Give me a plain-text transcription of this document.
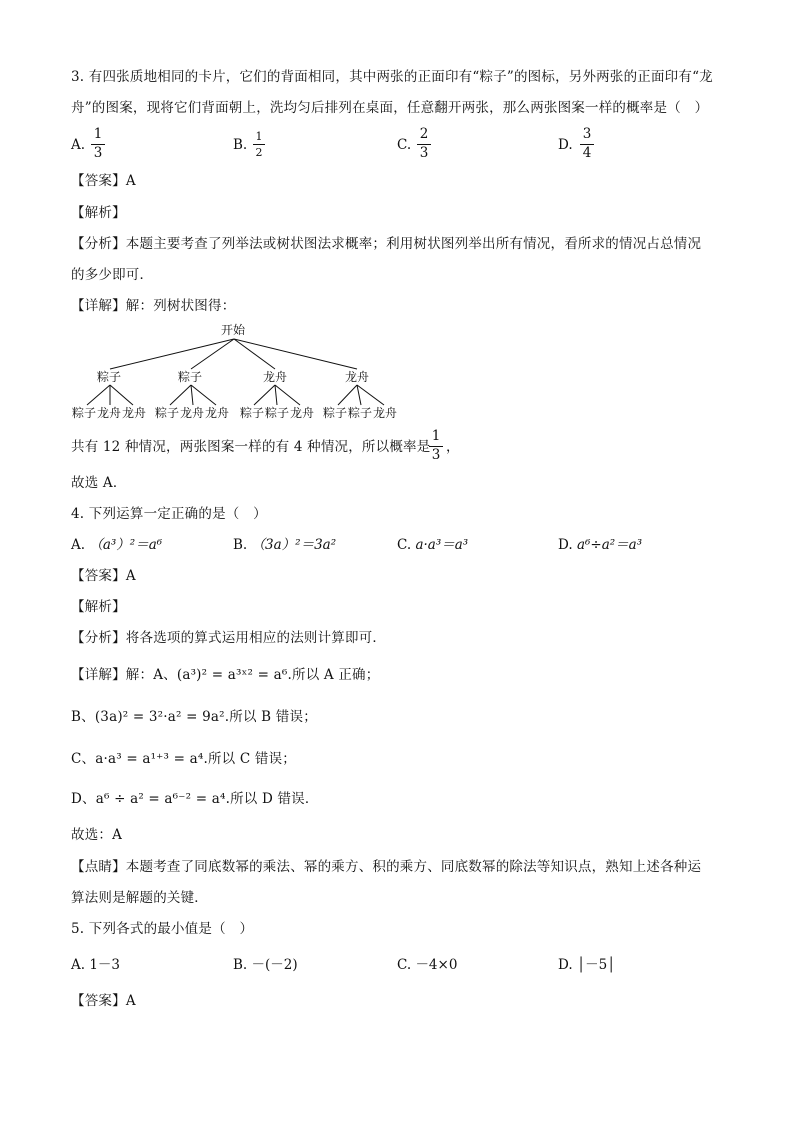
3. 有四张质地相同的卡片，它们的背面相同，其中两张的正面印有“粽子”的图标，另外两张的正面印有“龙
舟”的图案，现将它们背面朝上，洗均匀后排列在桌面，任意翻开两张，那么两张图案一样的概率是（　）
A.
1
3	B.
1
2	C.
2
3	D.
3
4
【答案】A
【解析】
【分析】本题主要考查了列举法或树状图法求概率；利用树状图列举出所有情况，看所求的情况占总情况
的多少即可．
【详解】解：列树状图得：
开始
粽子	粽子	龙舟	龙舟
粽子 龙舟 龙舟 粽子 龙舟 龙舟 粽子 粽子 龙舟 粽子 粽子 龙舟
共有 12 种情况，两张图案一样的有 4 种情况，所以概率是
1
3 ，
故选 A．
4. 下列运算一定正确的是（　）
A. （a³）²＝a⁶	B. （3a）²＝3a²	C. a·a³＝a³	D. a⁶÷a²＝a³
【答案】A
【解析】
【分析】将各选项的算式运用相应的法则计算即可．
【详解】解：A、(a³)² = a³ˣ² = a⁶.所以 A 正确；
B、(3a)² = 3²·a² = 9a².所以 B 错误；
C、a·a³ = a¹⁺³ = a⁴.所以 C 错误；
D、a⁶ ÷ a² = a⁶⁻² = a⁴.所以 D 错误．
故选：A
【点睛】本题考查了同底数幂的乘法、幂的乘方、积的乘方、同底数幂的除法等知识点，熟知上述各种运
算法则是解题的关键．
5. 下列各式的最小值是（　）
A. 1－3	B. －(－2)	C. －4×0	D. │－5│
【答案】A
